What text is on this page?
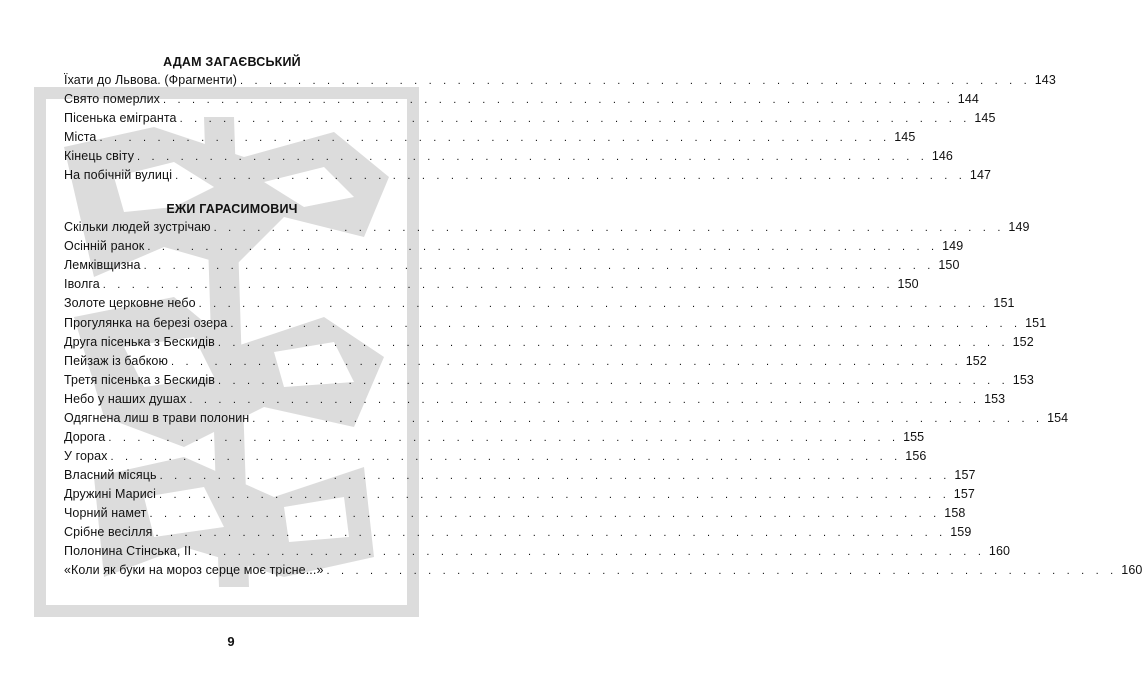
АДАМ ЗАГАЄВСЬКИЙ
Їхати до Львова. (Фрагменти) . . . . . . . . . . . . . . . . . . . . . . . . . . . . . . . . . . . . . . . . . . . . . . . . . . . . . . . 143
Свято померлих . . . . . . . . . . . . . . . . . . . . . . . . . . . . . . . . . . . . . . . . . . . . . . . . . . . . . . . 144
Пісенька емігранта . . . . . . . . . . . . . . . . . . . . . . . . . . . . . . . . . . . . . . . . . . . . . . . . . . . . . . . 145
Міста . . . . . . . . . . . . . . . . . . . . . . . . . . . . . . . . . . . . . . . . . . . . . . . . . . . . . . . 145
Кінець світу . . . . . . . . . . . . . . . . . . . . . . . . . . . . . . . . . . . . . . . . . . . . . . . . . . . . . . . 146
На побічній вулиці . . . . . . . . . . . . . . . . . . . . . . . . . . . . . . . . . . . . . . . . . . . . . . . . . . . . . . . 147
ЕЖИ ГАРАСИМОВИЧ
Скільки людей зустрічаю . . . . . . . . . . . . . . . . . . . . . . . . . . . . . . . . . . . . . . . . . . . . . . . . . . . . . . . 149
Осінній ранок . . . . . . . . . . . . . . . . . . . . . . . . . . . . . . . . . . . . . . . . . . . . . . . . . . . . . . . 149
Лемківщизна . . . . . . . . . . . . . . . . . . . . . . . . . . . . . . . . . . . . . . . . . . . . . . . . . . . . . . . 150
Іволга . . . . . . . . . . . . . . . . . . . . . . . . . . . . . . . . . . . . . . . . . . . . . . . . . . . . . . . 150
Золоте церковне небо . . . . . . . . . . . . . . . . . . . . . . . . . . . . . . . . . . . . . . . . . . . . . . . . . . . . . . . 151
Прогулянка на березі озера . . . . . . . . . . . . . . . . . . . . . . . . . . . . . . . . . . . . . . . . . . . . . . . . . . . . . . . 151
Друга пісенька з Бескидів . . . . . . . . . . . . . . . . . . . . . . . . . . . . . . . . . . . . . . . . . . . . . . . . . . . . . . . 152
Пейзаж із бабкою . . . . . . . . . . . . . . . . . . . . . . . . . . . . . . . . . . . . . . . . . . . . . . . . . . . . . . . 152
Третя пісенька з Бескидів . . . . . . . . . . . . . . . . . . . . . . . . . . . . . . . . . . . . . . . . . . . . . . . . . . . . . . . 153
Небо у наших душах . . . . . . . . . . . . . . . . . . . . . . . . . . . . . . . . . . . . . . . . . . . . . . . . . . . . . . . 153
Одягнена лиш в трави полонин . . . . . . . . . . . . . . . . . . . . . . . . . . . . . . . . . . . . . . . . . . . . . . . . . . . . . . . 154
Дорога . . . . . . . . . . . . . . . . . . . . . . . . . . . . . . . . . . . . . . . . . . . . . . . . . . . . . . . 155
У горах . . . . . . . . . . . . . . . . . . . . . . . . . . . . . . . . . . . . . . . . . . . . . . . . . . . . . . . 156
Власний місяць . . . . . . . . . . . . . . . . . . . . . . . . . . . . . . . . . . . . . . . . . . . . . . . . . . . . . . . 157
Дружині Марисі . . . . . . . . . . . . . . . . . . . . . . . . . . . . . . . . . . . . . . . . . . . . . . . . . . . . . . . 157
Чорний намет . . . . . . . . . . . . . . . . . . . . . . . . . . . . . . . . . . . . . . . . . . . . . . . . . . . . . . . 158
Срібне весілля . . . . . . . . . . . . . . . . . . . . . . . . . . . . . . . . . . . . . . . . . . . . . . . . . . . . . . . 159
Полонина Стінська, II . . . . . . . . . . . . . . . . . . . . . . . . . . . . . . . . . . . . . . . . . . . . . . . . . . . . . . . 160
«Коли як буки на мороз серце моє тріснe...» . . . . . . . . . . . . . . . . . . . . . . . . . . . . . . . . . . . . . . . . . . . . . . . . . . . . . . . 160
9
